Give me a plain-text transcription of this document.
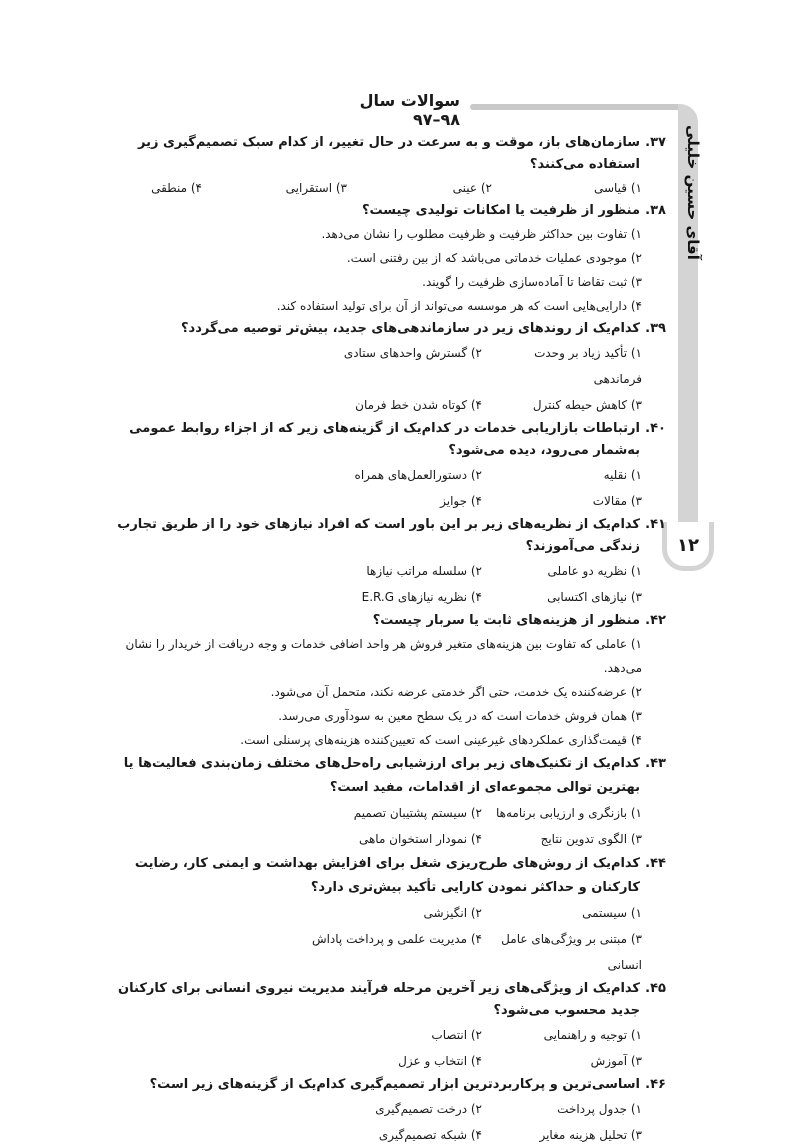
سوالات سال ۹۸–۹۷
آقای حسین خلیلی
۱۲
۳۷.
سازمان‌های باز، موقت و به سرعت در حال تغییر، از کدام سبک تصمیم‌گیری زیر استفاده می‌کنند؟
۱) قیاسی
۲) عینی
۳) استقرایی
۴) منطقی
۳۸.
منظور از ظرفیت یا امکانات تولیدی چیست؟
۱) تفاوت بین حداکثر ظرفیت و ظرفیت مطلوب را نشان می‌دهد.
۲) موجودی عملیات خدماتی می‌باشد که از بین رفتنی است.
۳) ثبت تقاضا تا آماده‌سازی ظرفیت را گویند.
۴) دارایی‌هایی است که هر موسسه می‌تواند از آن برای تولید استفاده کند.
۳۹.
کدام‌یک از روندهای زیر در سازماندهی‌های جدید، بیش‌تر توصیه می‌گردد؟
۱) تأکید زیاد بر وحدت فرماندهی
۲) گسترش واحدهای ستادی
۳) کاهش حیطه کنترل
۴) کوتاه شدن خط فرمان
۴۰.
ارتباطات بازاریابی خدمات در کدام‌یک از گزینه‌های زیر که از اجزاء روابط عمومی به‌شمار می‌رود، دیده می‌شود؟
۱) نقلیه
۲) دستورالعمل‌های همراه
۳) مقالات
۴) جوایز
۴۱.
کدام‌یک از نظریه‌های زیر بر این باور است که افراد نیازهای خود را از طریق تجارب زندگی می‌آموزند؟
۱) نظریه دو عاملی
۲) سلسله مراتب نیازها
۳) نیازهای اکتسابی
۴) نظریه نیازهای E.R.G
۴۲.
منظور از هزینه‌های ثابت یا سربار چیست؟
۱) عاملی که تفاوت بین هزینه‌های متغیر فروش هر واحد اضافی خدمات و وجه دریافت از خریدار را نشان می‌دهد.
۲) عرضه‌کننده یک خدمت، حتی اگر خدمتی عرضه نکند، متحمل آن می‌شود.
۳) همان فروش خدمات است که در یک سطح معین به سودآوری می‌رسد.
۴) قیمت‌گذاری عملکردهای غیرعینی است که تعیین‌کننده هزینه‌های پرسنلی است.
۴۳.
کدام‌یک از تکنیک‌های زیر برای ارزشیابی راه‌حل‌های مختلف زمان‌بندی فعالیت‌ها یا بهترین توالی مجموعه‌ای از اقدامات، مفید است؟
۱) بازنگری و ارزیابی برنامه‌ها
۲) سیستم پشتیبان تصمیم
۳) الگوی تدوین نتایج
۴) نمودار استخوان ماهی
۴۴.
کدام‌یک از روش‌های طرح‌ریزی شغل برای افزایش بهداشت و ایمنی کار، رضایت کارکنان و حداکثر نمودن کارایی تأکید بیش‌تری دارد؟
۱) سیستمی
۲) انگیزشی
۳) مبتنی بر ویژگی‌های عامل انسانی
۴) مدیریت علمی و پرداخت پاداش
۴۵.
کدام‌یک از ویژگی‌های زیر آخرین مرحله فرآیند مدیریت نیروی انسانی برای کارکنان جدید محسوب می‌شود؟
۱) توجیه و راهنمایی
۲) انتصاب
۳) آموزش
۴) انتخاب و عزل
۴۶.
اساسی‌ترین و پرکاربردترین ابزار تصمیم‌گیری کدام‌یک از گزینه‌های زیر است؟
۱) جدول پرداخت
۲) درخت تصمیم‌گیری
۳) تحلیل هزینه مغایر
۴) شبکه تصمیم‌گیری
